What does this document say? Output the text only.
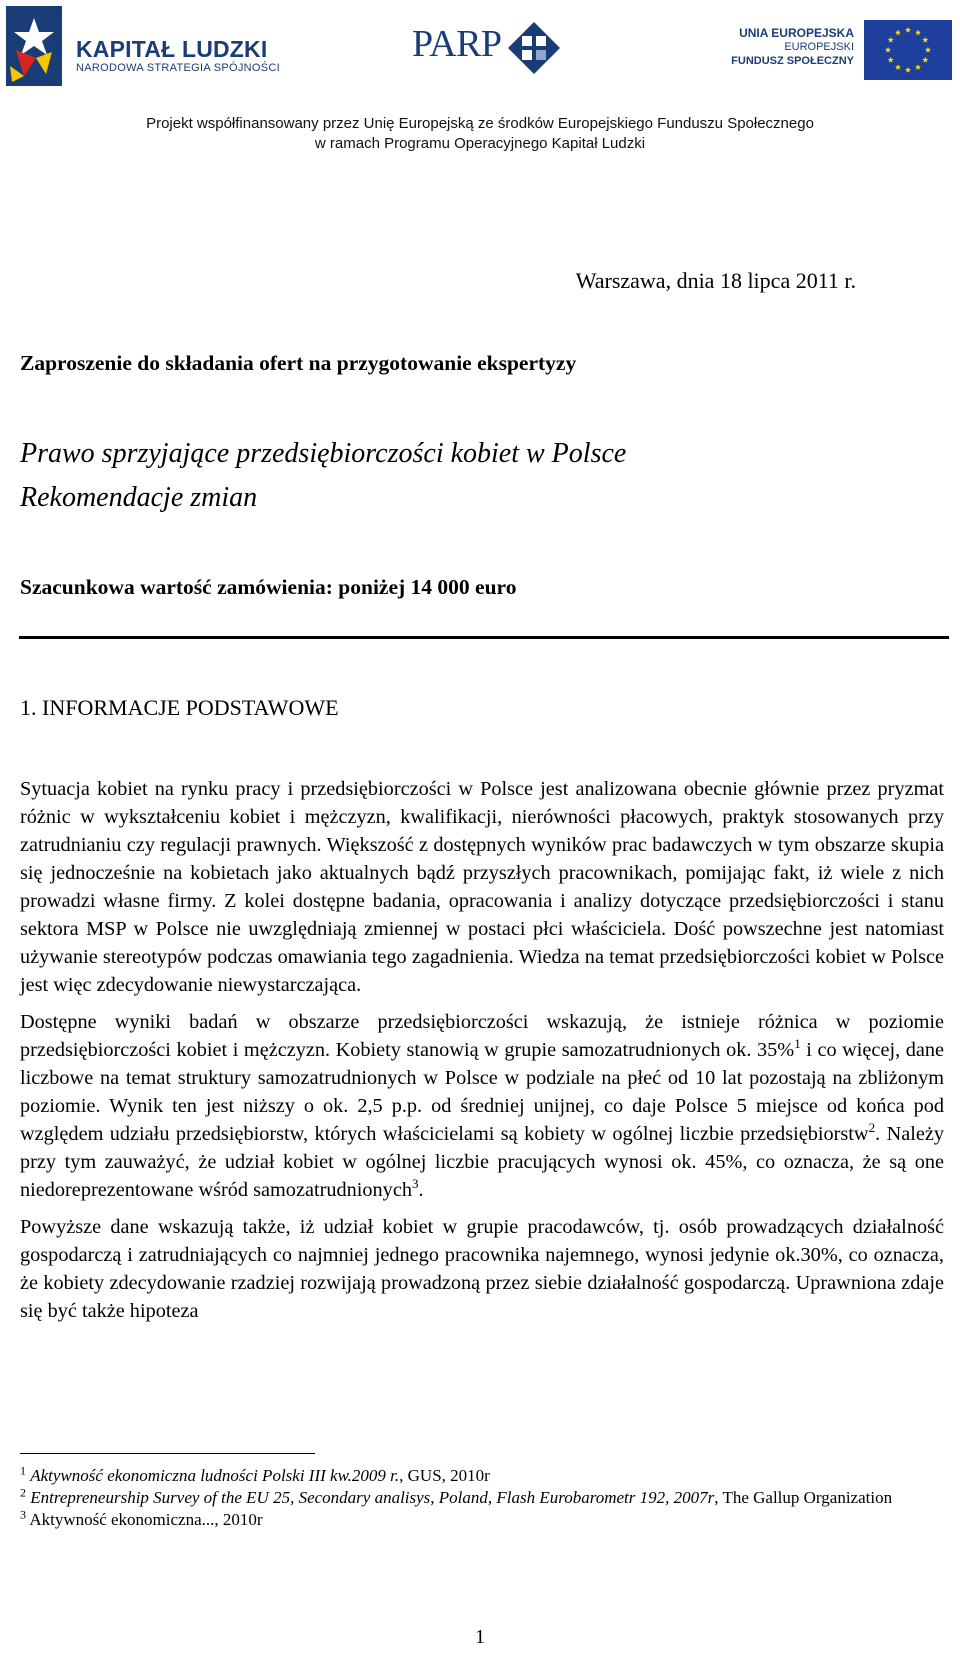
KAPITAŁ LUDZKI
NARODOWA STRATEGIA SPÓJNOŚCI
PARP	UNIA EUROPEJSKA
EUROPEJSKI
FUNDUSZ SPOŁECZNY
Projekt współfinansowany przez Unię Europejską ze środków Europejskiego Funduszu Społecznego
w ramach Programu Operacyjnego Kapitał Ludzki
Warszawa, dnia 18 lipca 2011 r.
Zaproszenie do składania ofert na przygotowanie ekspertyzy
Prawo sprzyjające przedsiębiorczości kobiet w Polsce
Rekomendacje zmian
Szacunkowa wartość zamówienia: poniżej 14 000 euro
1. INFORMACJE PODSTAWOWE

Sytuacja kobiet na rynku pracy i przedsiębiorczości w Polsce jest analizowana obecnie głównie przez pryzmat różnic w wykształceniu kobiet i mężczyzn, kwalifikacji, nierówności płacowych, praktyk stosowanych przy zatrudnianiu czy regulacji prawnych. Większość z dostępnych wyników prac badawczych w tym obszarze skupia się jednocześnie na kobietach jako aktualnych bądź przyszłych pracownikach, pomijając fakt, iż wiele z nich prowadzi własne firmy. Z kolei dostępne badania, opracowania i analizy dotyczące przedsiębiorczości i stanu sektora MSP w Polsce nie uwzględniają zmiennej w postaci płci właściciela. Dość powszechne jest natomiast używanie stereotypów podczas omawiania tego zagadnienia. Wiedza na temat przedsiębiorczości kobiet w Polsce jest więc zdecydowanie niewystarczająca.

Dostępne wyniki badań w obszarze przedsiębiorczości wskazują, że istnieje różnica w poziomie przedsiębiorczości kobiet i mężczyzn. Kobiety stanowią w grupie samozatrudnionych ok. 35%$^1$ i co więcej, dane liczbowe na temat struktury samozatrudnionych w Polsce w podziale na płeć od 10 lat pozostają na zbliżonym poziomie. Wynik ten jest niższy o ok. 2,5 p.p. od średniej unijnej, co daje Polsce 5 miejsce od końca pod względem udziału przedsiębiorstw, których właścicielami są kobiety w ogólnej liczbie przedsiębiorstw$^2$. Należy przy tym zauważyć, że udział kobiet w ogólnej liczbie pracujących wynosi ok. 45%, co oznacza, że są one niedoreprezentowane wśród samozatrudnionych$^3$.

Powyższe dane wskazują także, iż udział kobiet w grupie pracodawców, tj. osób prowadzących działalność gospodarczą i zatrudniających co najmniej jednego pracownika najemnego, wynosi jedynie ok.30%, co oznacza, że kobiety zdecydowanie rzadziej rozwijają prowadzoną przez siebie działalność gospodarczą. Uprawniona zdaje się być także hipoteza

$^1$ Aktywność ekonomiczna ludności Polski III kw.2009 r., GUS, 2010r

$^2$ Entrepreneurship Survey of the EU 25, Secondary analisys, Poland, Flash Eurobarometr 192, 2007r, The Gallup Organization

$^3$ Aktywność ekonomiczna..., 2010r

1
